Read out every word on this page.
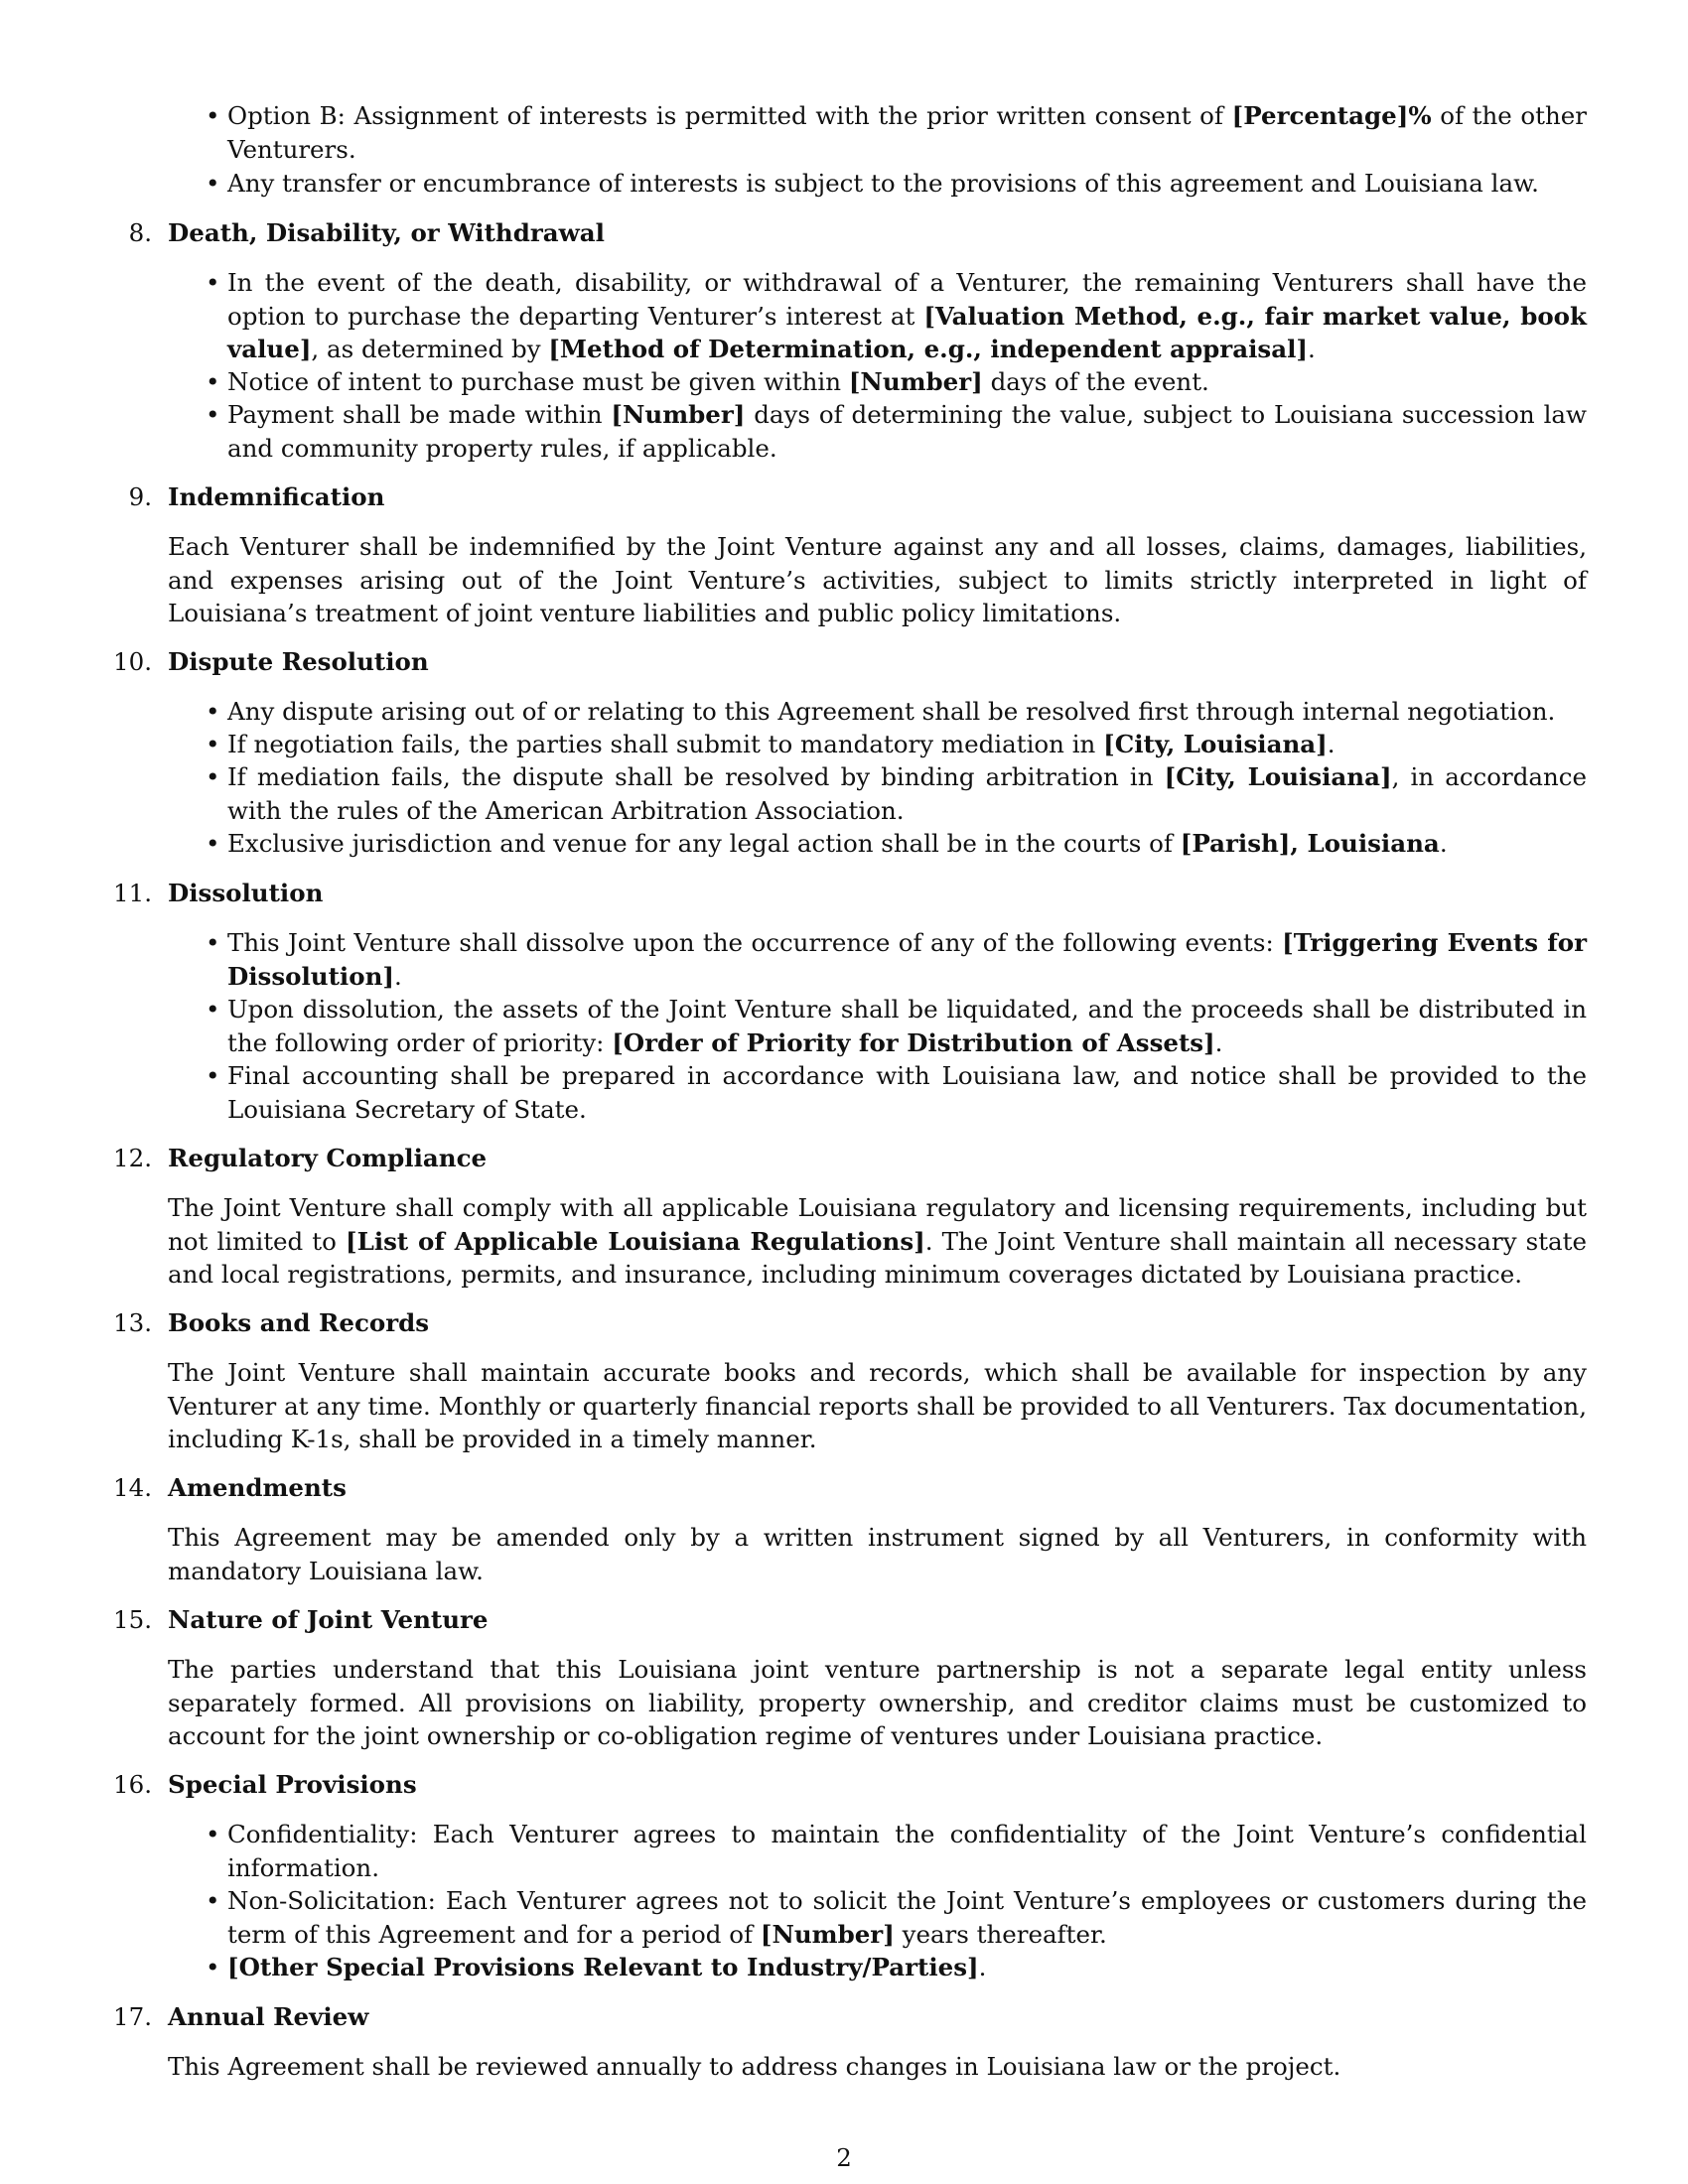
• Option B: Assignment of interests is permitted with the prior written consent of [Percentage]% of the other Venturers.
• Any transfer or encumbrance of interests is subject to the provisions of this agreement and Louisiana law.
8. Death, Disability, or Withdrawal
• In the event of the death, disability, or withdrawal of a Venturer, the remaining Venturers shall have the option to purchase the departing Venturer’s interest at [Valuation Method, e.g., fair market value, book value], as determined by [Method of Determination, e.g., independent appraisal].
• Notice of intent to purchase must be given within [Number] days of the event.
• Payment shall be made within [Number] days of determining the value, subject to Louisiana succession law and community property rules, if applicable.
9. Indemnification
Each Venturer shall be indemnified by the Joint Venture against any and all losses, claims, damages, liabilities, and expenses arising out of the Joint Venture’s activities, subject to limits strictly interpreted in light of Louisiana’s treatment of joint venture liabilities and public policy limitations.
10. Dispute Resolution
• Any dispute arising out of or relating to this Agreement shall be resolved first through internal negotiation.
• If negotiation fails, the parties shall submit to mandatory mediation in [City, Louisiana].
• If mediation fails, the dispute shall be resolved by binding arbitration in [City, Louisiana], in accordance with the rules of the American Arbitration Association.
• Exclusive jurisdiction and venue for any legal action shall be in the courts of [Parish], Louisiana.
11. Dissolution
• This Joint Venture shall dissolve upon the occurrence of any of the following events: [Triggering Events for Dissolution].
• Upon dissolution, the assets of the Joint Venture shall be liquidated, and the proceeds shall be distributed in the following order of priority: [Order of Priority for Distribution of Assets].
• Final accounting shall be prepared in accordance with Louisiana law, and notice shall be provided to the Louisiana Secretary of State.
12. Regulatory Compliance
The Joint Venture shall comply with all applicable Louisiana regulatory and licensing requirements, including but not limited to [List of Applicable Louisiana Regulations]. The Joint Venture shall maintain all necessary state and local registrations, permits, and insurance, including minimum coverages dictated by Louisiana practice.
13. Books and Records
The Joint Venture shall maintain accurate books and records, which shall be available for inspection by any Venturer at any time. Monthly or quarterly financial reports shall be provided to all Venturers. Tax documentation, including K-1s, shall be provided in a timely manner.
14. Amendments
This Agreement may be amended only by a written instrument signed by all Venturers, in conformity with mandatory Louisiana law.
15. Nature of Joint Venture
The parties understand that this Louisiana joint venture partnership is not a separate legal entity unless separately formed. All provisions on liability, property ownership, and creditor claims must be customized to account for the joint ownership or co-obligation regime of ventures under Louisiana practice.
16. Special Provisions
• Confidentiality: Each Venturer agrees to maintain the confidentiality of the Joint Venture’s confidential information.
• Non-Solicitation: Each Venturer agrees not to solicit the Joint Venture’s employees or customers during the term of this Agreement and for a period of [Number] years thereafter.
• [Other Special Provisions Relevant to Industry/Parties].
17. Annual Review
This Agreement shall be reviewed annually to address changes in Louisiana law or the project.
2
